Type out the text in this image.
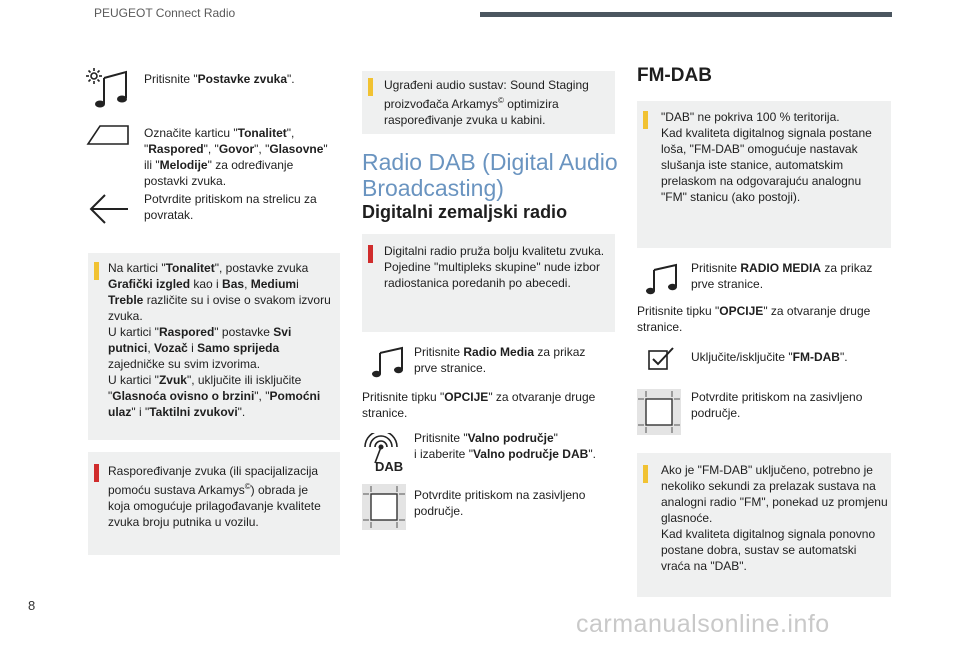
PEUGEOT Connect Radio
Pritisnite "Postavke zvuka".
Označite karticu "Tonalitet", "Raspored", "Govor", "Glasovne" ili "Melodije" za određivanje postavki zvuka.
Potvrdite pritiskom na strelicu za povratak.
Na kartici "Tonalitet", postavke zvuka
Grafički izgled kao i Bas, Mediumi
Treble različite su i ovise o svakom izvoru
zvuka.
U kartici "Raspored" postavke Svi
putnici, Vozač i Samo sprijeda
zajedničke su svim izvorima.
U kartici "Zvuk", uključite ili isključite
"Glasnoća ovisno o brzini", "Pomoćni
ulaz" i "Taktilni zvukovi".
Raspoređivanje zvuka (ili spacijalizacija
pomoću sustava Arkamys©) obrada je
koja omogućuje prilagođavanje kvalitete
zvuka broju putnika u vozilu.
Ugrađeni audio sustav: Sound Staging
proizvođača Arkamys© optimizira
raspoređivanje zvuka u kabini.
Radio DAB (Digital Audio
Broadcasting)
Digitalni zemaljski radio
Digitalni radio pruža bolju kvalitetu zvuka.
Pojedine "multipleks skupine" nude izbor
radiostanica poredanih po abecedi.
Pritisnite Radio Media za prikaz
prve stranice.
Pritisnite tipku "OPCIJE" za otvaranje druge
stranice.
DAB
Pritisnite "Valno područje"
i izaberite "Valno područje DAB".
Potvrdite pritiskom na zasivljeno
područje.
FM-DAB
"DAB" ne pokriva 100 % teritorija.
Kad kvaliteta digitalnog signala postane
loša, "FM-DAB" omogućuje nastavak
slušanja iste stanice, automatskim
prelaskom na odgovarajuću analognu
"FM" stanicu (ako postoji).
Pritisnite RADIO MEDIA za prikaz
prve stranice.
Pritisnite tipku "OPCIJE" za otvaranje druge
stranice.
Uključite/isključite "FM-DAB".
Potvrdite pritiskom na zasivljeno
područje.
Ako je "FM-DAB" uključeno, potrebno je
nekoliko sekundi za prelazak sustava na
analogni radio "FM", ponekad uz promjenu
glasnoće.
Kad kvaliteta digitalnog signala ponovno
postane dobra, sustav se automatski
vraća na "DAB".
8
carmanualsonline.info
